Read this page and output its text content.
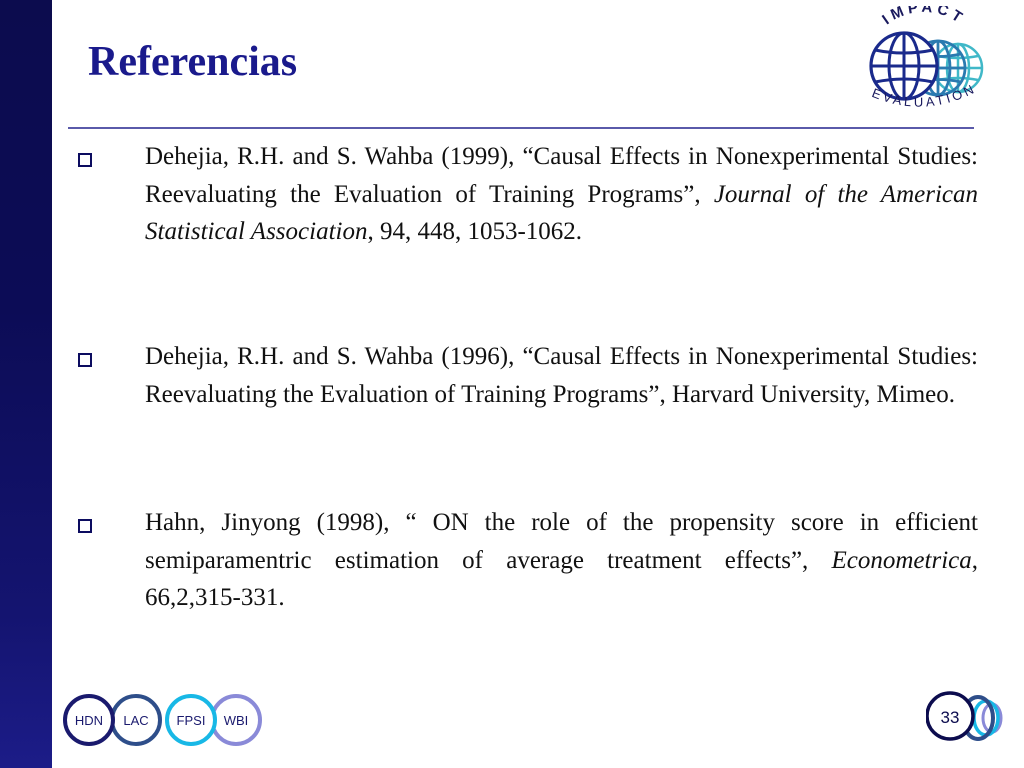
Referencias
IMPACT
EVALUATION

Dehejia, R.H. and S. Wahba (1999), “Causal Effects in Nonexperimental Studies: Reevaluating the Evaluation of Training Programs”, Journal of the American Statistical Association, 94, 448, 1053-1062.

Dehejia, R.H. and S. Wahba (1996), “Causal Effects in Nonexperimental Studies: Reevaluating the Evaluation of Training Programs”, Harvard University, Mimeo.

Hahn, Jinyong (1998), “ ON the role of the propensity score in efficient semiparamentric estimation of average treatment effects”, Econometrica, 66,2,315-331.

HDN LAC FPSI WBI	33
